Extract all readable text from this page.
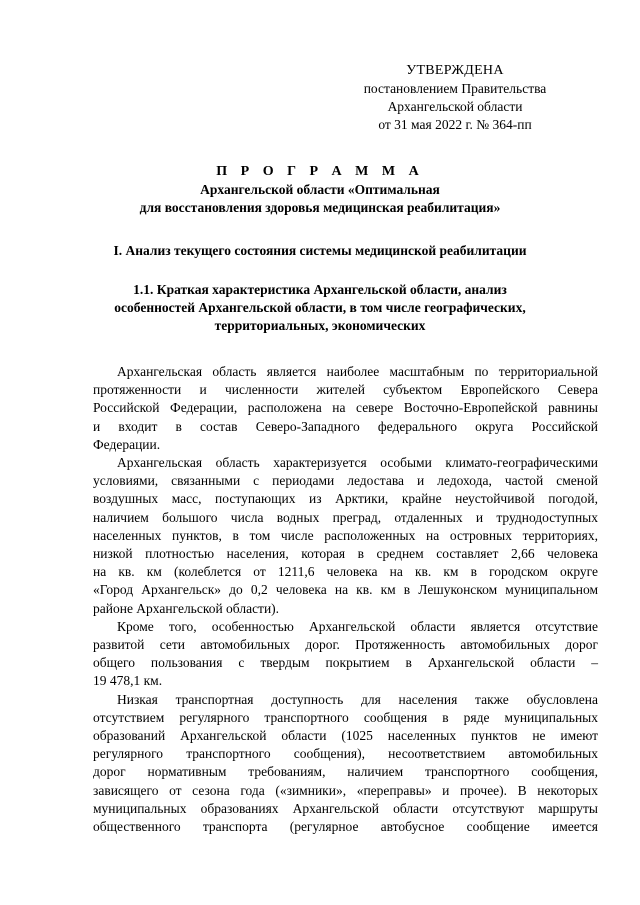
УТВЕРЖДЕНА
постановлением Правительства
Архангельской области
от 31 мая 2022 г. № 364-пп
П Р О Г Р А М М А
Архангельской области «Оптимальная
для восстановления здоровья медицинская реабилитация»
I. Анализ текущего состояния системы медицинской реабилитации
1.1. Краткая характеристика Архангельской области, анализ
особенностей Архангельской области, в том числе географических,
территориальных, экономических

Архангельская область является наиболее масштабным по территориальной
протяженности и численности жителей субъектом Европейского Севера
Российской Федерации, расположена на севере Восточно-Европейской равнины
и входит в состав Северо-Западного федерального округа Российской
Федерации.

Архангельская область характеризуется особыми климато-географическими
условиями, связанными с периодами ледостава и ледохода, частой сменой
воздушных масс, поступающих из Арктики, крайне неустойчивой погодой,
наличием большого числа водных преград, отдаленных и труднодоступных
населенных пунктов, в том числе расположенных на островных территориях,
низкой плотностью населения, которая в среднем составляет 2,66 человека
на кв. км (колеблется от 1211,6 человека на кв. км в городском округе
«Город Архангельск» до 0,2 человека на кв. км в Лешуконском муниципальном
районе Архангельской области).

Кроме того, особенностью Архангельской области является отсутствие
развитой сети автомобильных дорог. Протяженность автомобильных дорог
общего пользования с твердым покрытием в Архангельской области –
19 478,1 км.

Низкая транспортная доступность для населения также обусловлена
отсутствием регулярного транспортного сообщения в ряде муниципальных
образований Архангельской области (1025 населенных пунктов не имеют
регулярного транспортного сообщения), несоответствием автомобильных
дорог нормативным требованиям, наличием транспортного сообщения,
зависящего от сезона года («зимники», «переправы» и прочее). В некоторых
муниципальных образованиях Архангельской области отсутствуют маршруты
общественного транспорта (регулярное автобусное сообщение имеется
